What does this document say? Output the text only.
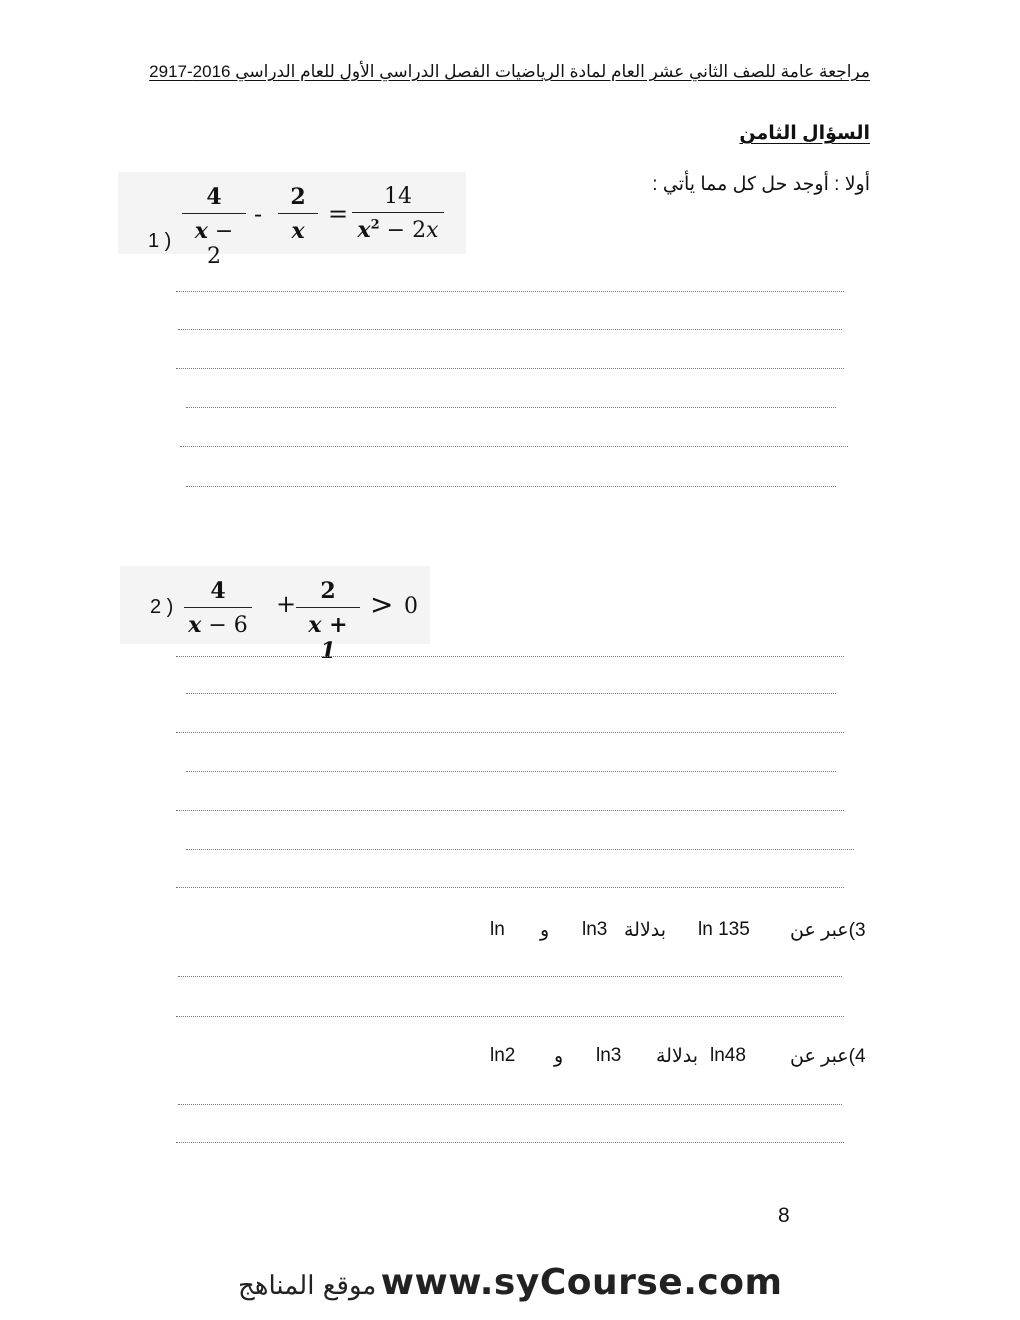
مراجعة عامة للصف الثاني عشر العام لمادة الرياضيات الفصل الدراسي الأول للعام الدراسي 2016-2917
السؤال الثامن
أولا : أوجد حل كل مما يأتي :
1 ) $\frac{4}{x - 2} - \frac{2}{x} = \frac{14}{x^2 - 2x}$
2 ) $\frac{4}{x - 6} + \frac{2}{x + 1} > 0$
3)عبر عن
ln 135
بدلالة
ln3
و
ln
4)عبر عن
ln48
بدلالة
ln3
و
ln2
8
موقع المناهج www.syCourse.com
